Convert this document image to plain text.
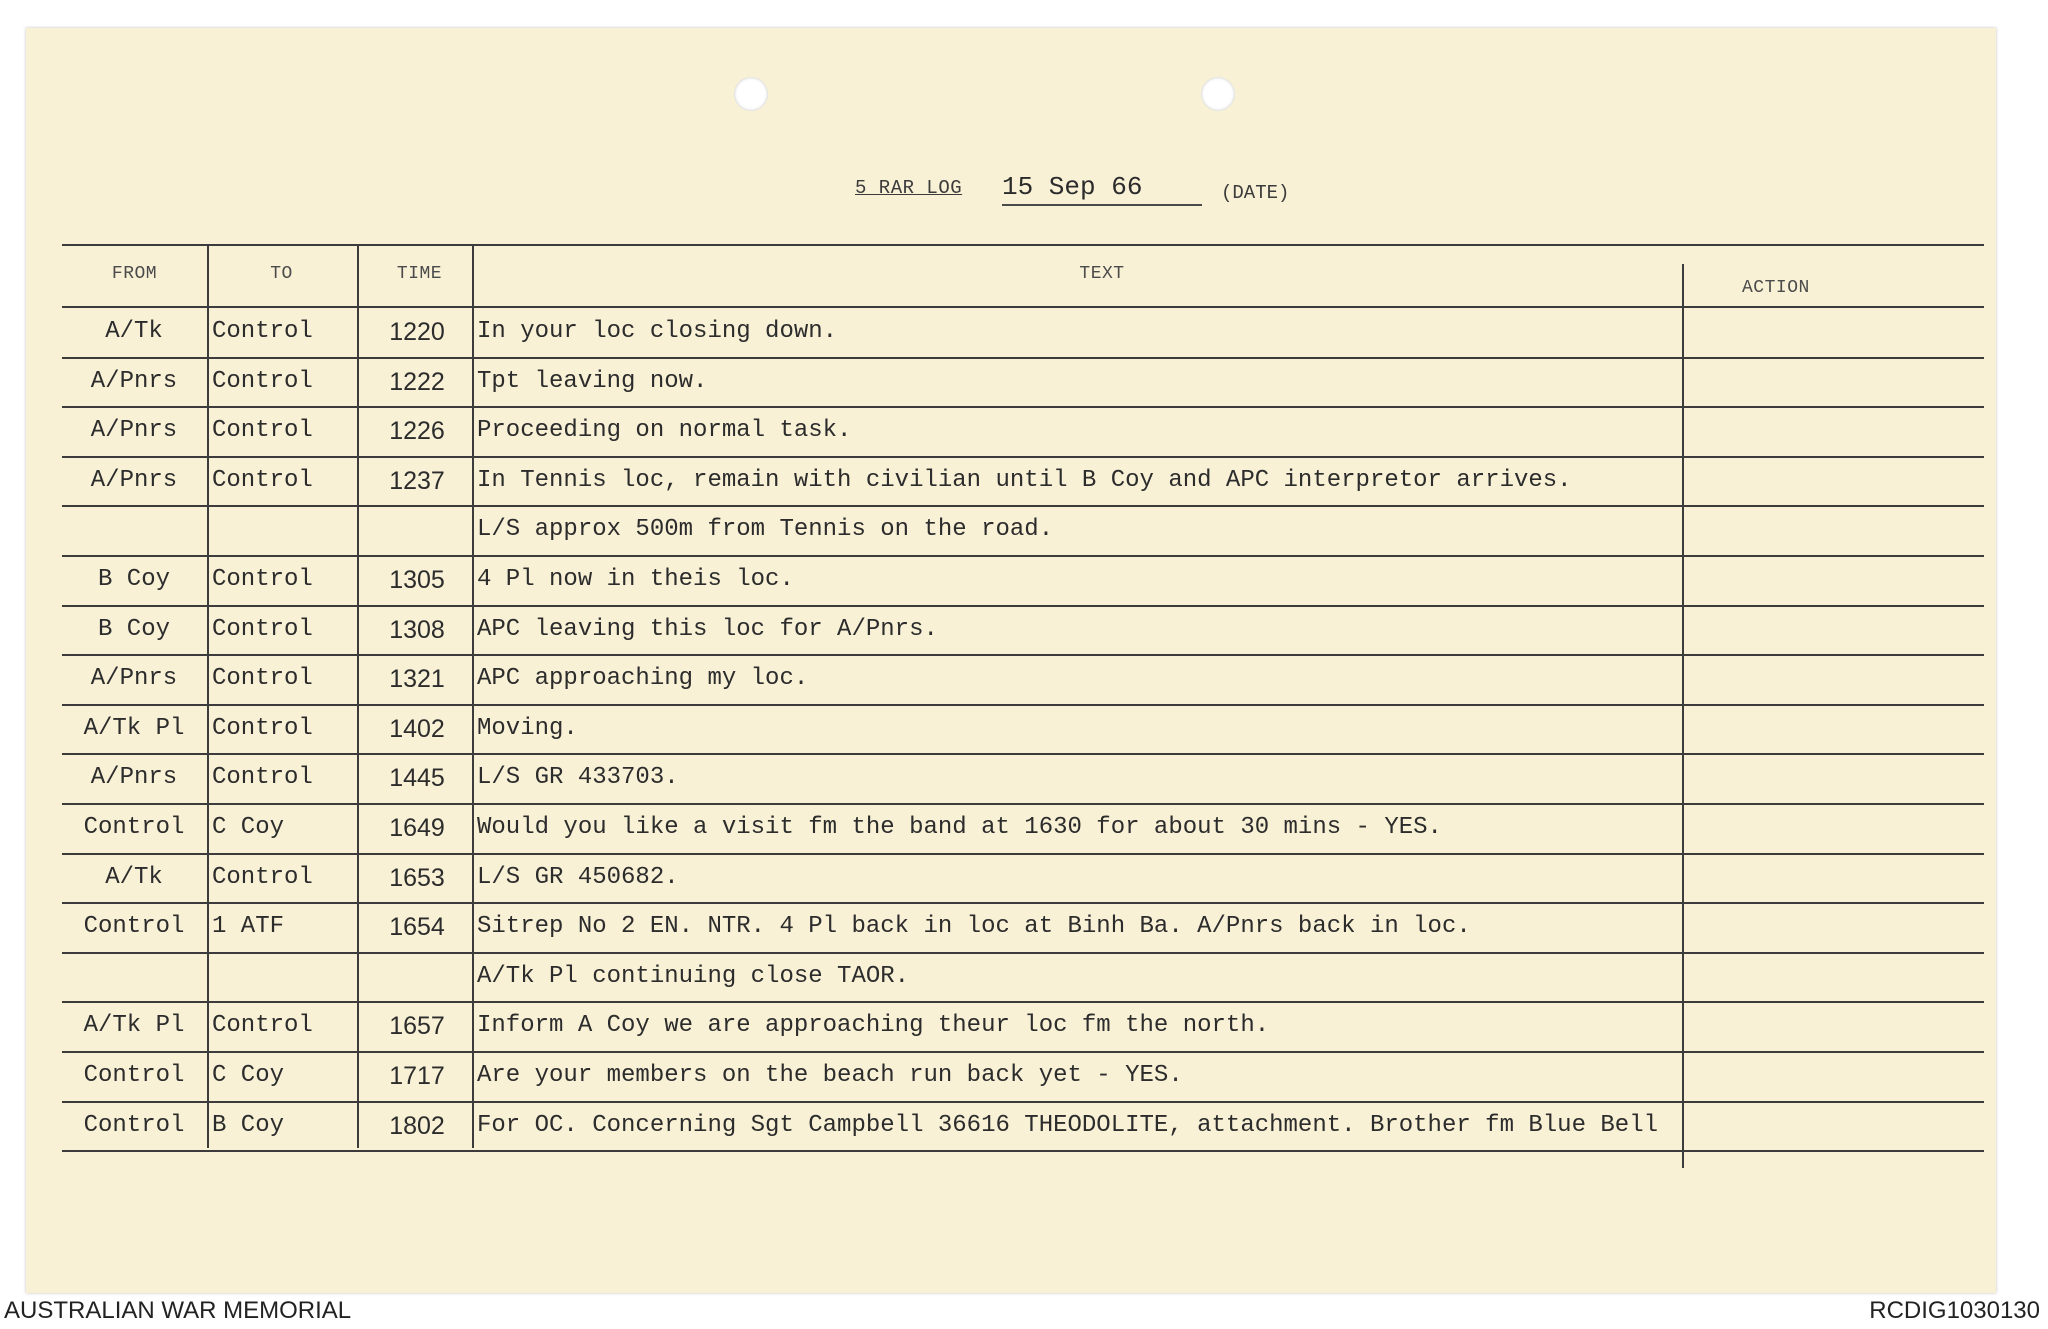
5 RAR LOG 15 Sep 66	(DATE)
FROM	TO	TIME	TEXT
ACTION
A/Tk	Control	1220	In your loc closing down.
A/Pnrs	Control	1222	Tpt leaving now.
A/Pnrs	Control	1226	Proceeding on normal task.
A/Pnrs	Control	1237	In Tennis loc, remain with civilian until B Coy and APC interpretor arrives.
L/S approx 500m from Tennis on the road.
B Coy	Control	1305	4 Pl now in theis loc.
B Coy	Control	1308	APC leaving this loc for A/Pnrs.
A/Pnrs	Control	1321	APC approaching my loc.
A/Tk Pl	Control	1402	Moving.
A/Pnrs	Control	1445	L/S GR 433703.
Control	C Coy	1649	Would you like a visit fm the band at 1630 for about 30 mins - YES.
A/Tk	Control	1653	L/S GR 450682.
Control	1 ATF	1654	Sitrep No 2 EN. NTR. 4 Pl back in loc at Binh Ba. A/Pnrs back in loc.
A/Tk Pl continuing close TAOR.
A/Tk Pl	Control	1657	Inform A Coy we are approaching theur loc fm the north.
Control	C Coy	1717	Are your members on the beach run back yet - YES.
Control	B Coy	1802	For OC. Concerning Sgt Campbell 36616 THEODOLITE, attachment. Brother fm Blue Bell
AUSTRALIAN WAR MEMORIAL	RCDIG1030130
